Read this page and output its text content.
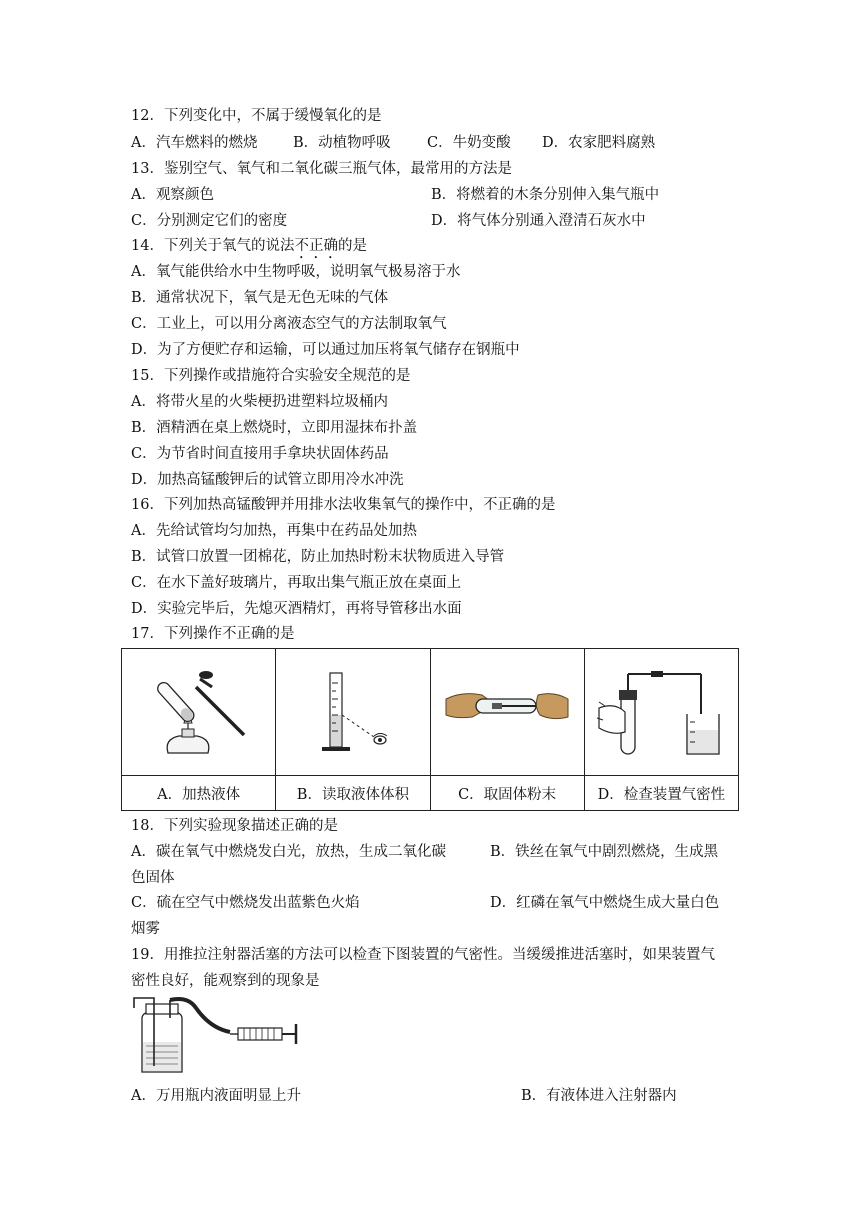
12．下列变化中，不属于缓慢氧化的是
A．汽车燃料的燃烧 B．动植物呼吸	C．牛奶变酸 D．农家肥料腐熟
13．鉴别空气、氧气和二氧化碳三瓶气体，最常用的方法是
A．观察颜色	B．将燃着的木条分别伸入集气瓶中
C．分别测定它们的密度	D．将气体分别通入澄清石灰水中
14．下列关于氧气的说法不正确的是
A．氧气能供给水中生物呼吸，说明氧气极易溶于水
B．通常状况下，氧气是无色无味的气体
C．工业上，可以用分离液态空气的方法制取氧气
D．为了方便贮存和运输，可以通过加压将氧气储存在钢瓶中
15．下列操作或措施符合实验安全规范的是
A．将带火星的火柴梗扔进塑料垃圾桶内
B．酒精洒在桌上燃烧时，立即用湿抹布扑盖
C．为节省时间直接用手拿块状固体药品
D．加热高锰酸钾后的试管立即用冷水冲洗
16．下列加热高锰酸钾并用排水法收集氧气的操作中，不正确的是
A．先给试管均匀加热，再集中在药品处加热
B．试管口放置一团棉花，防止加热时粉末状物质进入导管
C．在水下盖好玻璃片，再取出集气瓶正放在桌面上
D．实验完毕后，先熄灭酒精灯，再将导管移出水面
17．下列操作不正确的是

A．加热液体	B．读取液体体积	C．取固体粉末	D．检查装置气密性
18．下列实验现象描述正确的是
A．碳在氧气中燃烧发白光，放热，生成二氧化碳	B．铁丝在氧气中剧烈燃烧，生成黑
色固体
C．硫在空气中燃烧发出蓝紫色火焰	D．红磷在氧气中燃烧生成大量白色
烟雾
19．用推拉注射器活塞的方法可以检查下图装置的气密性。当缓缓推进活塞时，如果装置气
密性良好，能观察到的现象是
A．万用瓶内液面明显上升	B．有液体进入注射器内
